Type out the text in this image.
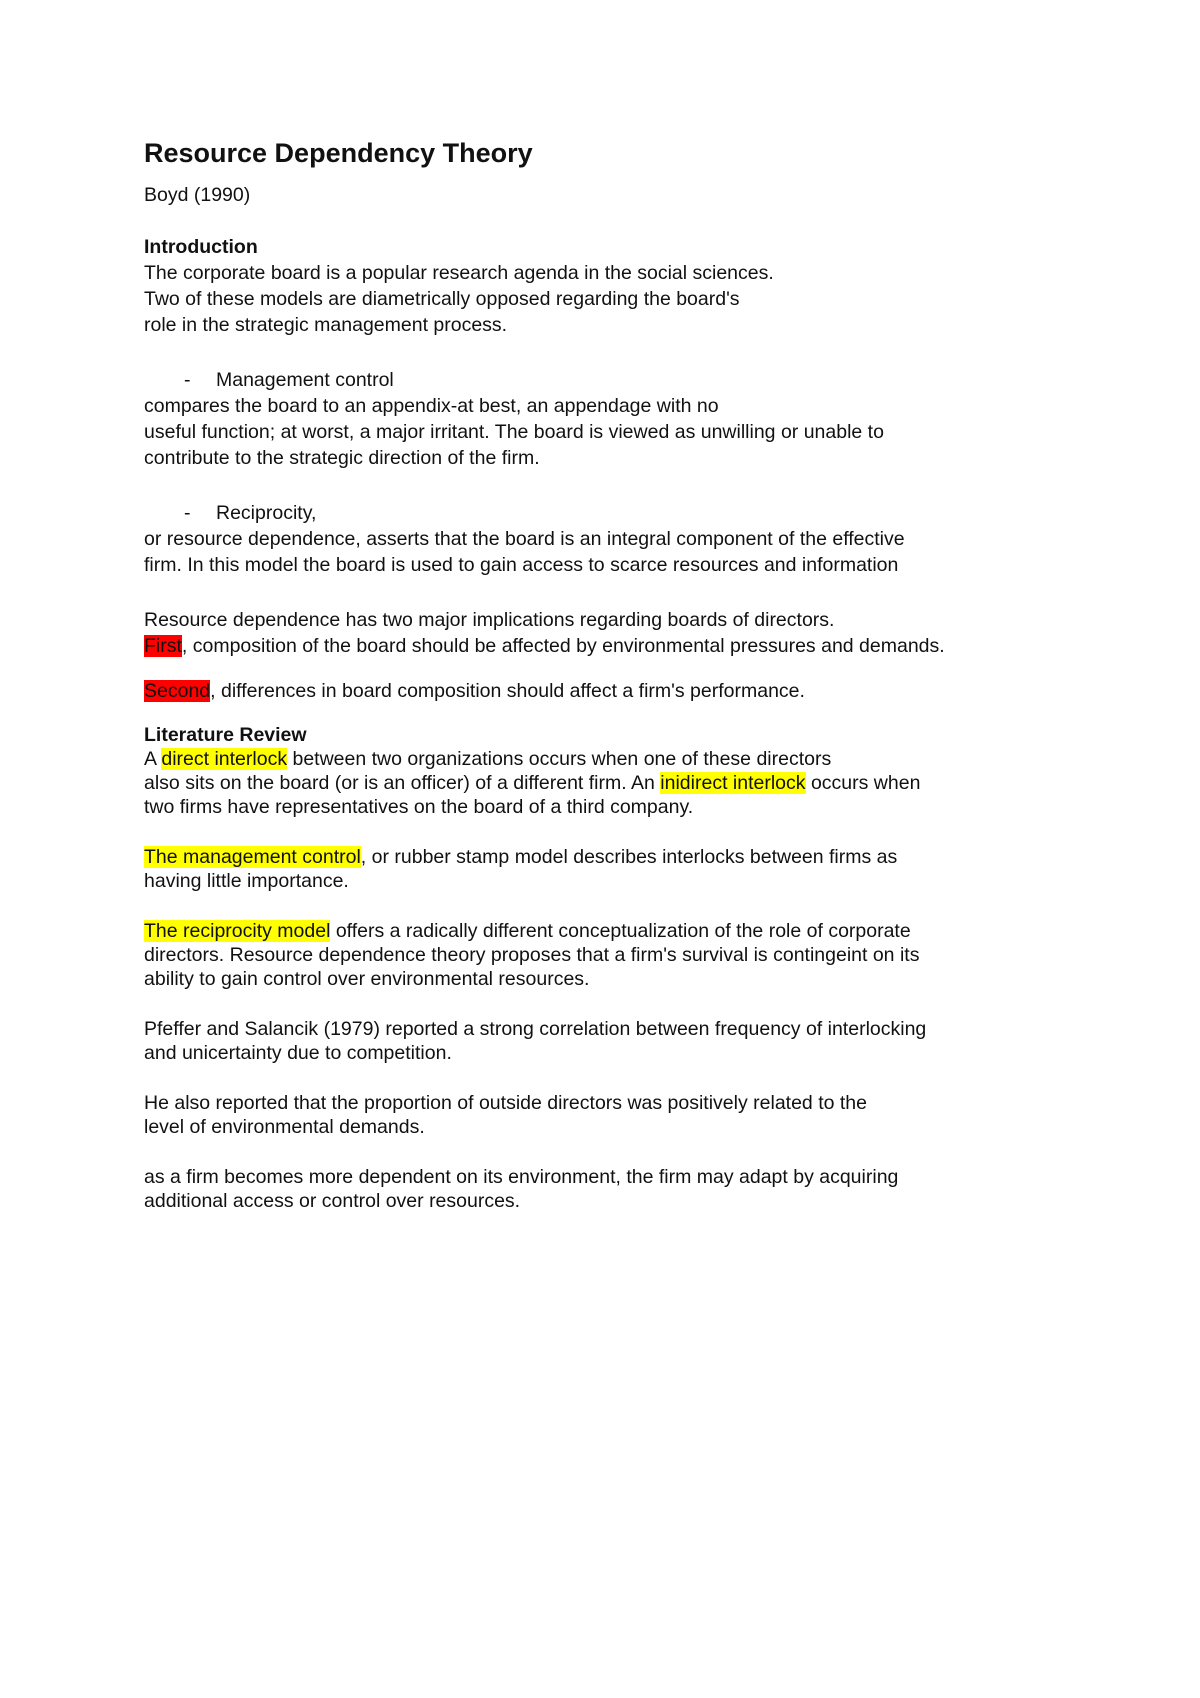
Resource Dependency Theory

Boyd (1990)

Introduction

The corporate board is a popular research agenda in the social sciences.

Two of these models are diametrically opposed regarding the board's

role in the strategic management process.

- Management control

compares the board to an appendix-at best, an appendage with no

useful function; at worst, a major irritant. The board is viewed as unwilling or unable to

contribute to the strategic direction of the firm.

- Reciprocity,

or resource dependence, asserts that the board is an integral component of the effective

firm. In this model the board is used to gain access to scarce resources and information

Resource dependence has two major implications regarding boards of directors.

First, composition of the board should be affected by environmental pressures and demands.

Second, differences in board composition should affect a firm's performance.

Literature Review

A direct interlock between two organizations occurs when one of these directors

also sits on the board (or is an officer) of a different firm. An inidirect interlock occurs when

two firms have representatives on the board of a third company.

The management control, or rubber stamp model describes interlocks between firms as

having little importance.

The reciprocity model offers a radically different conceptualization of the role of corporate

directors. Resource dependence theory proposes that a firm's survival is contingeint on its

ability to gain control over environmental resources.

Pfeffer and Salancik (1979) reported a strong correlation between frequency of interlocking

and unicertainty due to competition.

He also reported that the proportion of outside directors was positively related to the

level of environmental demands.

as a firm becomes more dependent on its environment, the firm may adapt by acquiring

additional access or control over resources.
